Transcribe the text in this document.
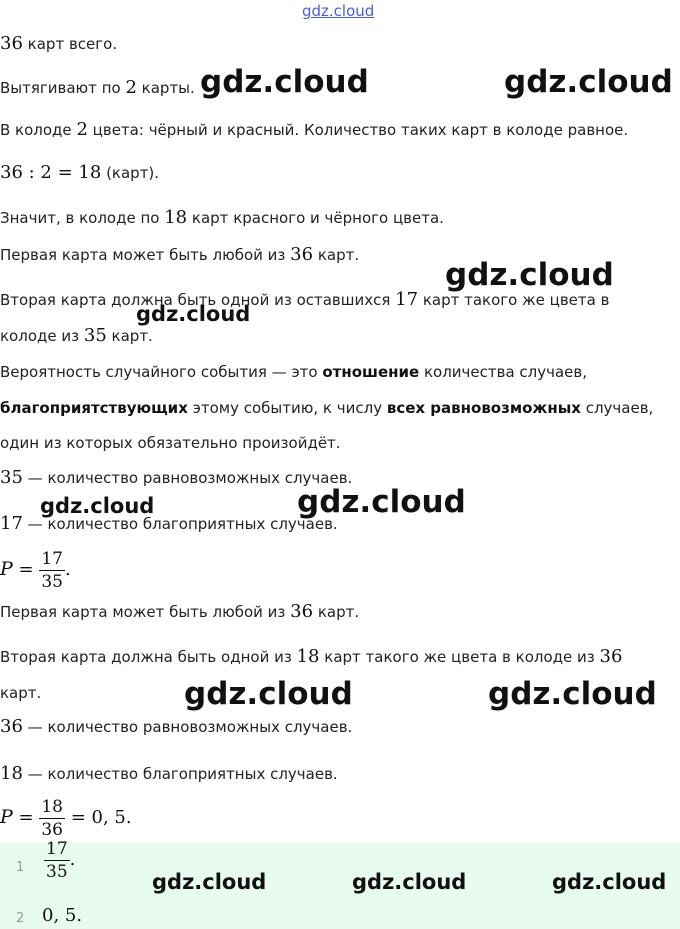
gdz.cloud
36 карт всего.
Вытягивают по 2 карты.
В колоде 2 цвета: чёрный и красный. Количество таких карт в колоде равное.
36 : 2 = 18 (карт).
Значит, в колоде по 18 карт красного и чёрного цвета.
Первая карта может быть любой из 36 карт.
Вторая карта должна быть одной из оставшихся 17 карт такого же цвета в
колоде из 35 карт.
Вероятность случайного события — это отношение количества случаев,
благоприятствующих этому событию, к числу всех равновозможных случаев,
один из которых обязательно произойдёт.
35 — количество равновозможных случаев.
17 — количество благоприятных случаев.
$P = \frac{17}{35}$ .
Первая карта может быть любой из 36 карт.
Вторая карта должна быть одной из 18 карт такого же цвета в колоде из 36
карт.
36 — количество равновозможных случаев.
18 — количество благоприятных случаев.
$P = \frac{18}{36} = 0$, 5.
$1 \frac{17}{35}$ .
2 0, 5.
gdz.cloud	gdz.cloud
gdz.cloud
gdz.cloud
gdz.cloud
gdz.cloud
gdz.cloud	gdz.cloud
gdz.cloud	gdz.cloud	gdz.cloud
